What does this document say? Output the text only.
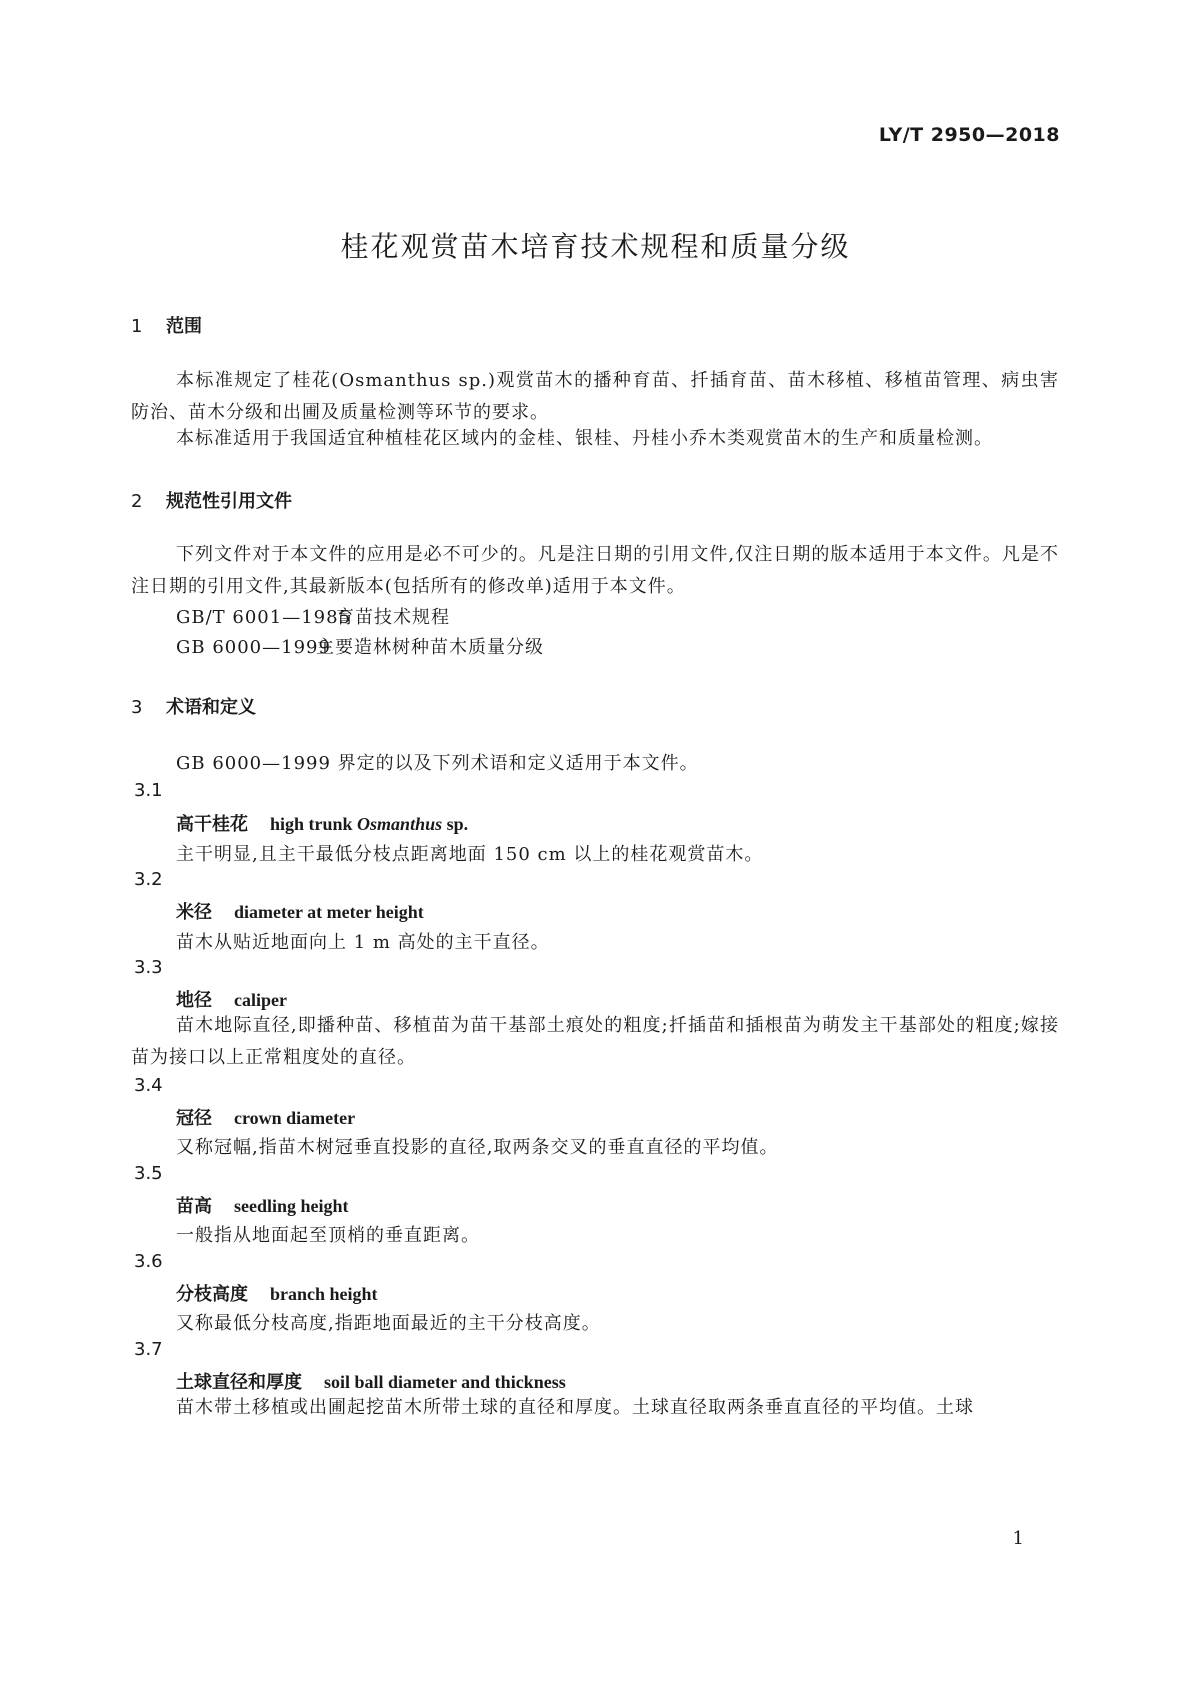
LY/T 2950—2018
桂花观赏苗木培育技术规程和质量分级
1 范围
本标准规定了桂花(Osmanthus sp.)观赏苗木的播种育苗、扦插育苗、苗木移植、移植苗管理、病虫害防治、苗木分级和出圃及质量检测等环节的要求。
本标准适用于我国适宜种植桂花区域内的金桂、银桂、丹桂小乔木类观赏苗木的生产和质量检测。
2 规范性引用文件
下列文件对于本文件的应用是必不可少的。凡是注日期的引用文件,仅注日期的版本适用于本文件。凡是不注日期的引用文件,其最新版本(包括所有的修改单)适用于本文件。
GB/T 6001—1985育苗技术规程
GB 6000—1999主要造林树种苗木质量分级
3 术语和定义
GB 6000—1999 界定的以及下列术语和定义适用于本文件。
3.1
高干桂花 high trunk Osmanthus sp.
主干明显,且主干最低分枝点距离地面 150 cm 以上的桂花观赏苗木。
3.2
米径 diameter at meter height
苗木从贴近地面向上 1 m 高处的主干直径。
3.3
地径 caliper
苗木地际直径,即播种苗、移植苗为苗干基部土痕处的粗度;扦插苗和插根苗为萌发主干基部处的粗度;嫁接苗为接口以上正常粗度处的直径。
3.4
冠径 crown diameter
又称冠幅,指苗木树冠垂直投影的直径,取两条交叉的垂直直径的平均值。
3.5
苗高 seedling height
一般指从地面起至顶梢的垂直距离。
3.6
分枝高度 branch height
又称最低分枝高度,指距地面最近的主干分枝高度。
3.7
土球直径和厚度 soil ball diameter and thickness
苗木带土移植或出圃起挖苗木所带土球的直径和厚度。土球直径取两条垂直直径的平均值。土球
1
